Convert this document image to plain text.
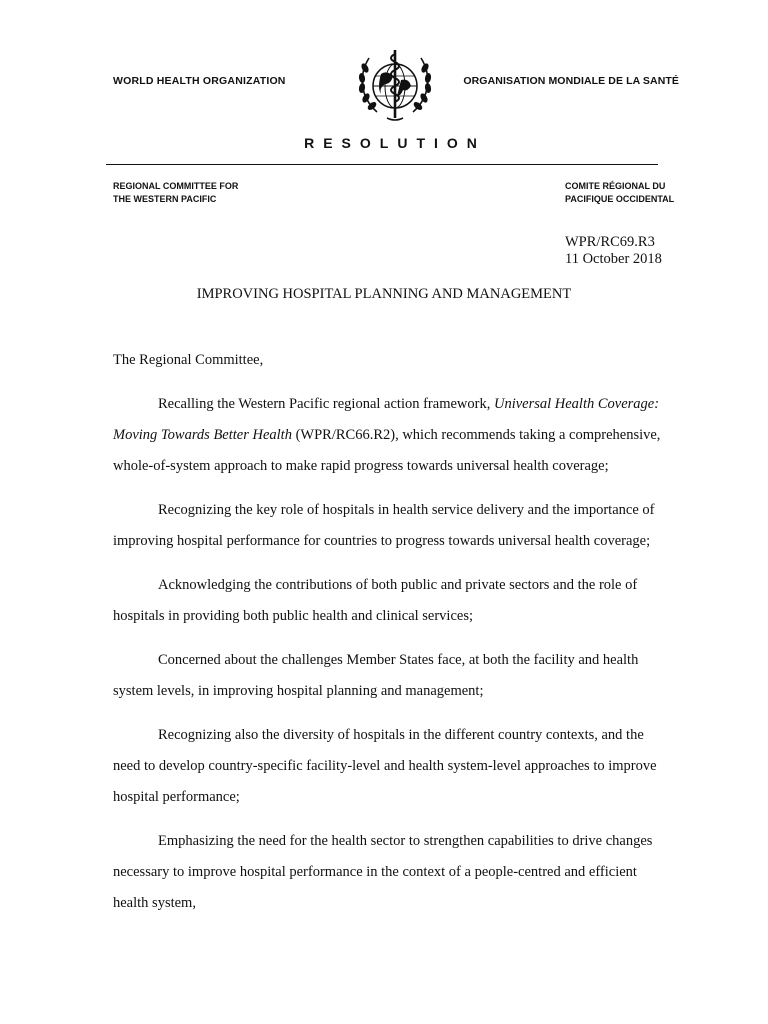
WORLD HEALTH ORGANIZATION	ORGANISATION MONDIALE DE LA SANTÉ
RESOLUTION
REGIONAL COMMITTEE FOR
THE WESTERN PACIFIC
COMITE RÉGIONAL DU
PACIFIQUE OCCIDENTAL
WPR/RC69.R3
11 October 2018
IMPROVING HOSPITAL PLANNING AND MANAGEMENT
The Regional Committee,

Recalling the Western Pacific regional action framework, Universal Health Coverage: Moving Towards Better Health (WPR/RC66.R2), which recommends taking a comprehensive, whole-of-system approach to make rapid progress towards universal health coverage;

Recognizing the key role of hospitals in health service delivery and the importance of improving hospital performance for countries to progress towards universal health coverage;

Acknowledging the contributions of both public and private sectors and the role of hospitals in providing both public health and clinical services;

Concerned about the challenges Member States face, at both the facility and health system levels, in improving hospital planning and management;

Recognizing also the diversity of hospitals in the different country contexts, and the need to develop country-specific facility-level and health system-level approaches to improve hospital performance;

Emphasizing the need for the health sector to strengthen capabilities to drive changes necessary to improve hospital performance in the context of a people-centred and efficient health system,
